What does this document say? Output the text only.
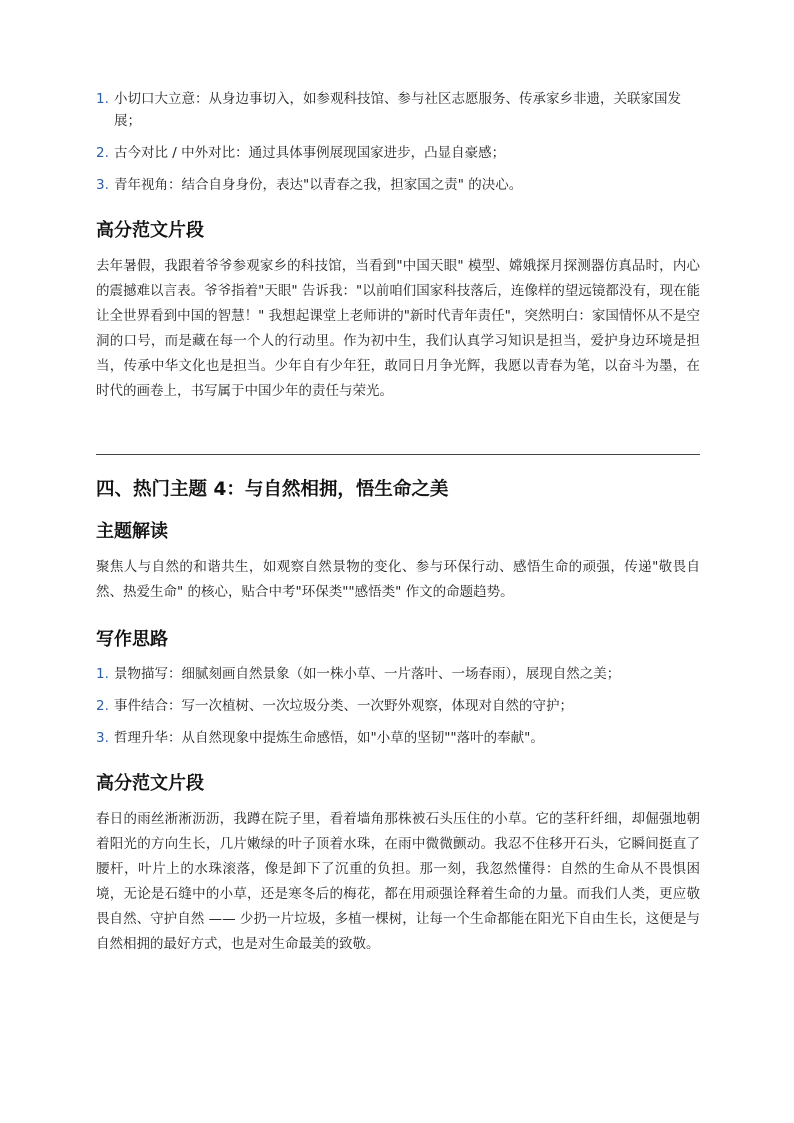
1. 小切口大立意：从身边事切入，如参观科技馆、参与社区志愿服务、传承家乡非遗，关联家国发展；
2. 古今对比 / 中外对比：通过具体事例展现国家进步，凸显自豪感；
3. 青年视角：结合自身身份，表达"以青春之我，担家国之责" 的决心。
高分范文片段

去年暑假，我跟着爷爷参观家乡的科技馆，当看到"中国天眼" 模型、嫦娥探月探测器仿真品时，内心的震撼难以言表。爷爷指着"天眼" 告诉我："以前咱们国家科技落后，连像样的望远镜都没有，现在能让全世界看到中国的智慧！" 我想起课堂上老师讲的"新时代青年责任"，突然明白：家国情怀从不是空洞的口号，而是藏在每一个人的行动里。作为初中生，我们认真学习知识是担当，爱护身边环境是担当，传承中华文化也是担当。少年自有少年狂，敢同日月争光辉，我愿以青春为笔，以奋斗为墨，在时代的画卷上，书写属于中国少年的责任与荣光。

四、热门主题 4：与自然相拥，悟生命之美
主题解读

聚焦人与自然的和谐共生，如观察自然景物的变化、参与环保行动、感悟生命的顽强，传递"敬畏自然、热爱生命" 的核心，贴合中考"环保类""感悟类" 作文的命题趋势。

写作思路
1. 景物描写：细腻刻画自然景象（如一株小草、一片落叶、一场春雨），展现自然之美；
2. 事件结合：写一次植树、一次垃圾分类、一次野外观察，体现对自然的守护；
3. 哲理升华：从自然现象中提炼生命感悟，如"小草的坚韧""落叶的奉献"。
高分范文片段

春日的雨丝淅淅沥沥，我蹲在院子里，看着墙角那株被石头压住的小草。它的茎秆纤细，却倔强地朝着阳光的方向生长，几片嫩绿的叶子顶着水珠，在雨中微微颤动。我忍不住移开石头，它瞬间挺直了腰杆，叶片上的水珠滚落，像是卸下了沉重的负担。那一刻，我忽然懂得：自然的生命从不畏惧困境，无论是石缝中的小草，还是寒冬后的梅花，都在用顽强诠释着生命的力量。而我们人类，更应敬畏自然、守护自然 —— 少扔一片垃圾，多植一棵树，让每一个生命都能在阳光下自由生长，这便是与自然相拥的最好方式，也是对生命最美的致敬。
